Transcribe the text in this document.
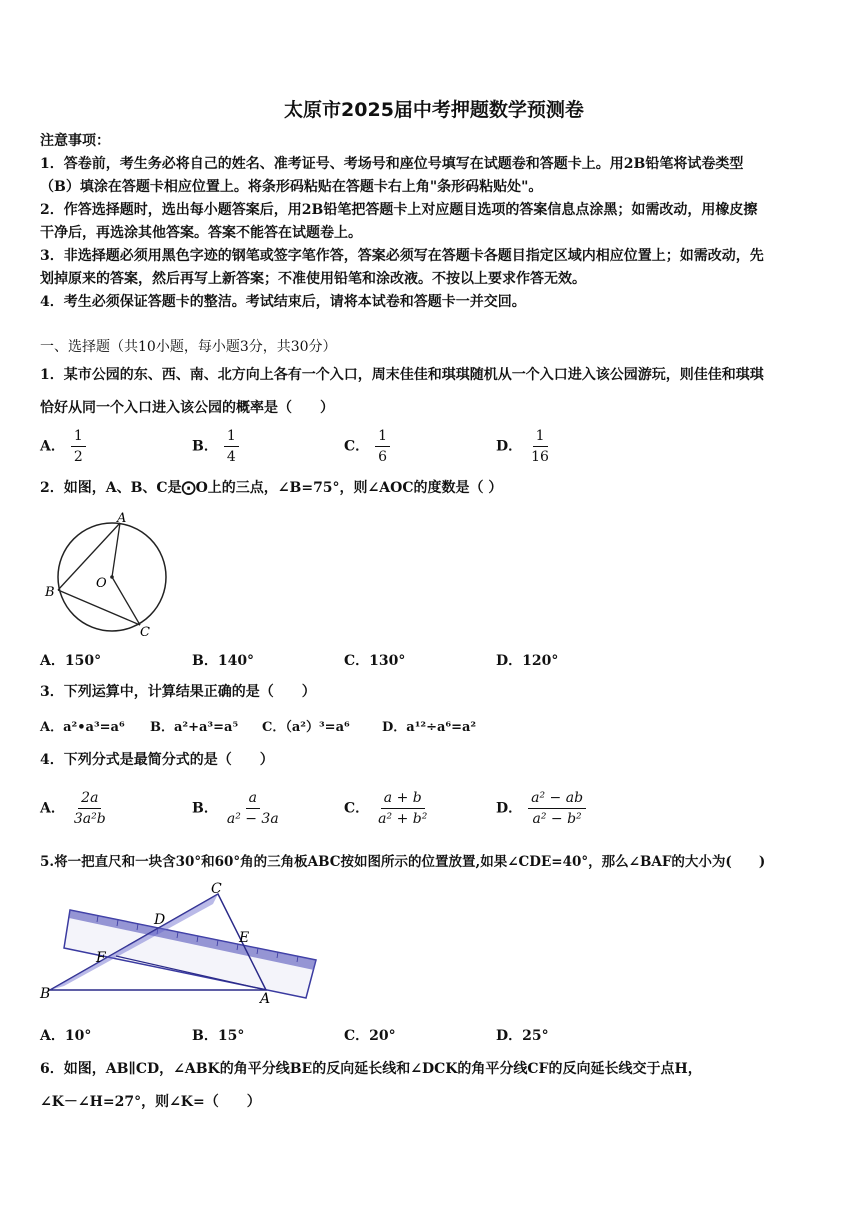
太原市2025届中考押题数学预测卷
注意事项：
1．答卷前，考生务必将自己的姓名、准考证号、考场号和座位号填写在试题卷和答题卡上。用2B铅笔将试卷类型
（B）填涂在答题卡相应位置上。将条形码粘贴在答题卡右上角"条形码粘贴处"。
2．作答选择题时，选出每小题答案后，用2B铅笔把答题卡上对应题目选项的答案信息点涂黑；如需改动，用橡皮擦
干净后，再选涂其他答案。答案不能答在试题卷上。
3．非选择题必须用黑色字迹的钢笔或签字笔作答，答案必须写在答题卡各题目指定区域内相应位置上；如需改动，先
划掉原来的答案，然后再写上新答案；不准使用铅笔和涂改液。不按以上要求作答无效。
4．考生必须保证答题卡的整洁。考试结束后，请将本试卷和答题卡一并交回。
一、选择题（共10小题，每小题3分，共30分）
1．某市公园的东、西、南、北方向上各有一个入口，周末佳佳和琪琪随机从一个入口进入该公园游玩，则佳佳和琪琪
恰好从同一个入口进入该公园的概率是（　　）
A． $\frac{1}{2}$	B． $\frac{1}{4}$	C． $\frac{1}{6}$	D． $\frac{1}{16}$
2．如图，A、B、C是⨀O上的三点，∠B=75°，则∠AOC的度数是（ ）
A
B
C
O
A．150°	B．140°	C．130°	D．120°
3．下列运算中，计算结果正确的是（　　）
A．a²•a³=a⁶ B．a²+a³=a⁵ C．（a²）³=a⁶ D．a¹²÷a⁶=a²
4．下列分式是最简分式的是（　　）
A． $\frac{2a}{\text{3a²b}}$	B． $\frac{a}{\text{a² − 3a}}$	C． $\frac{a + b}{\text{a² + b²}}$	D． $\frac{\text{a² − ab}}{\text{a² − b²}}$
5.将一把直尺和一块含30°和60°角的三角板ABC按如图所示的位置放置,如果∠CDE=40°，那么∠BAF的大小为(　　)
C
D
E
F
B	A
A．10°	B．15°	C．20°	D．25°
6．如图，AB∥CD，∠ABK的角平分线BE的反向延长线和∠DCK的角平分线CF的反向延长线交于点H，
∠K－∠H=27°，则∠K=（　　）
